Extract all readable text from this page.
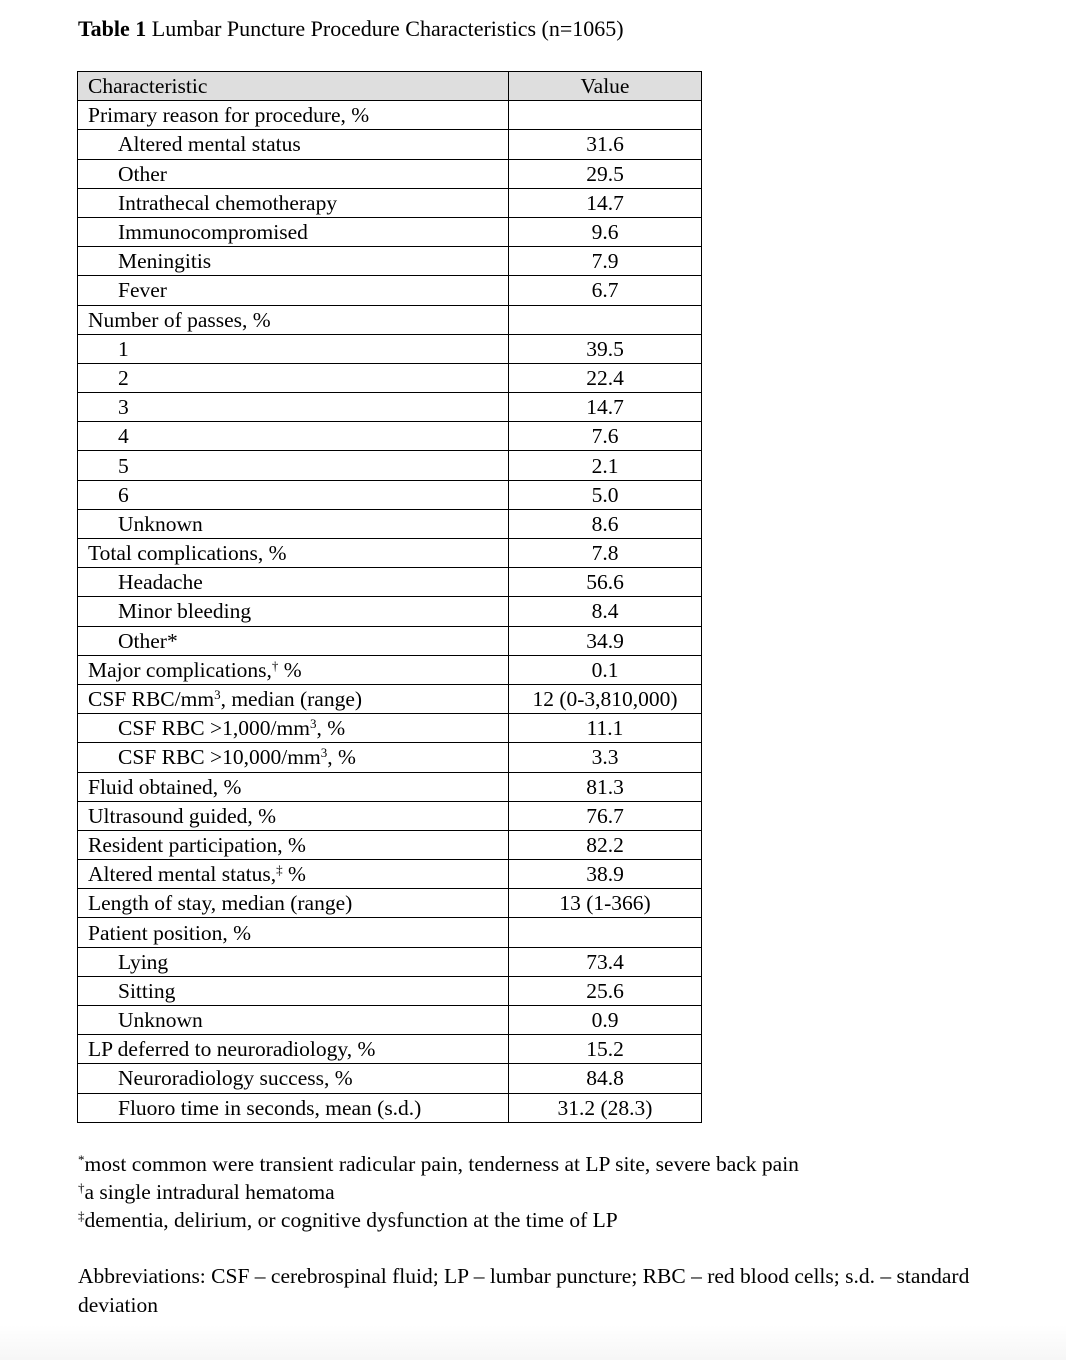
Table 1 Lumbar Puncture Procedure Characteristics (n=1065)
Characteristic	Value
Primary reason for procedure, %	
Altered mental status	31.6
Other	29.5
Intrathecal chemotherapy	14.7
Immunocompromised	9.6
Meningitis	7.9
Fever	6.7
Number of passes, %	
1	39.5
2	22.4
3	14.7
4	7.6
5	2.1
6	5.0
Unknown	8.6
Total complications, %	7.8
Headache	56.6
Minor bleeding	8.4
Other*	34.9
Major complications,† %	0.1
CSF RBC/$mm^3$, median (range)	12 (0-3,810,000)
CSF RBC $>1,000/mm^3$, %	11.1
CSF RBC $>10,000/mm^3$, %	3.3
Fluid obtained, %	81.3
Ultrasound guided, %	76.7
Resident participation, %	82.2
Altered mental status,‡ %	38.9
Length of stay, median (range)	13 (1-366)
Patient position, %	
Lying	73.4
Sitting	25.6
Unknown	0.9
LP deferred to neuroradiology, %	15.2
Neuroradiology success, %	84.8
Fluoro time in seconds, mean (s.d.)	31.2 (28.3)
*most common were transient radicular pain, tenderness at LP site, severe back pain
†a single intradural hematoma
‡dementia, delirium, or cognitive dysfunction at the time of LP
Abbreviations: CSF – cerebrospinal fluid; LP – lumbar puncture; RBC – red blood cells; s.d. – standard deviation
